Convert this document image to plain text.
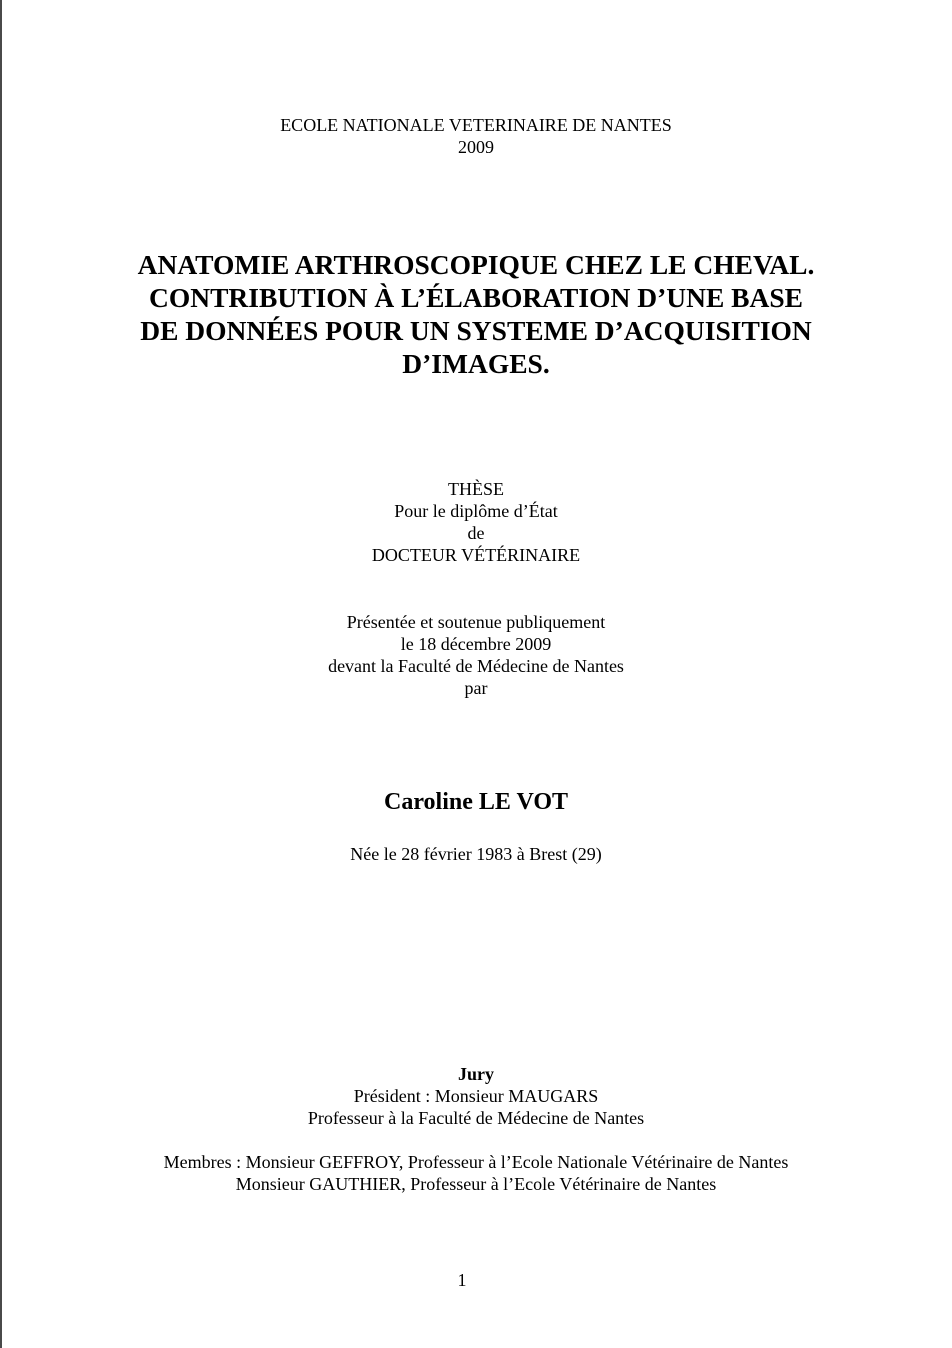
ECOLE NATIONALE VETERINAIRE DE NANTES
2009
ANATOMIE ARTHROSCOPIQUE CHEZ LE CHEVAL.
CONTRIBUTION À L’ÉLABORATION D’UNE BASE
DE DONNÉES POUR UN SYSTEME D’ACQUISITION
D’IMAGES.
THÈSE
Pour le diplôme d’État
de
DOCTEUR VÉTÉRINAIRE
Présentée et soutenue publiquement
le 18 décembre 2009
devant la Faculté de Médecine de Nantes
par
Caroline LE VOT
Née le 28 février 1983 à Brest (29)
Jury
Président : Monsieur MAUGARS
Professeur à la Faculté de Médecine de Nantes
Membres : Monsieur GEFFROY, Professeur à l’Ecole Nationale Vétérinaire de Nantes
Monsieur GAUTHIER, Professeur à l’Ecole Vétérinaire de Nantes
1
